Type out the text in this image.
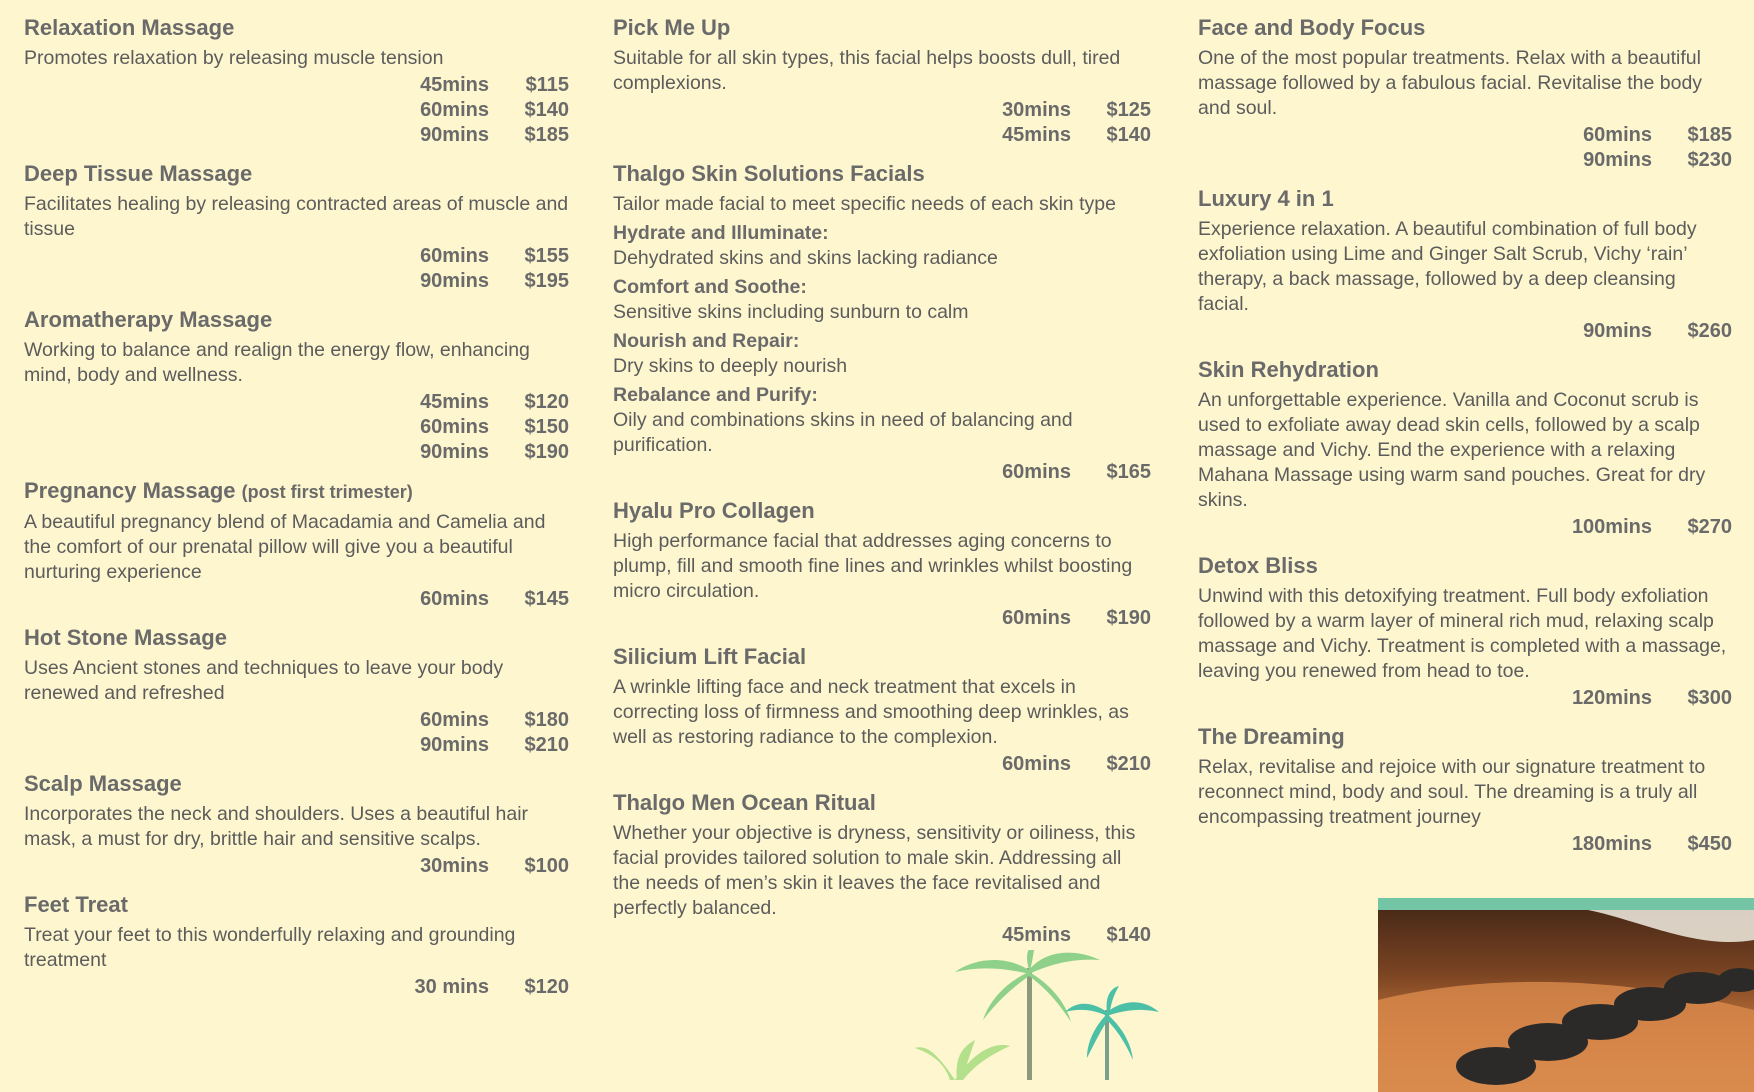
Relaxation Massage
Promotes relaxation by releasing muscle tension
45mins	$115
60mins	$140
90mins	$185
Deep Tissue Massage
Facilitates healing by releasing contracted areas of muscle and tissue
60mins	$155
90mins	$195
Aromatherapy Massage
Working to balance and realign the energy flow, enhancing mind, body and wellness.
45mins	$120
60mins	$150
90mins	$190
Pregnancy Massage (post first trimester)
A beautiful pregnancy blend of Macadamia and Camelia and the comfort of our prenatal pillow will give you a beautiful nurturing experience
60mins	$145
Hot Stone Massage
Uses Ancient stones and techniques to leave your body renewed and refreshed
60mins	$180
90mins	$210
Scalp Massage
Incorporates the neck and shoulders. Uses a beautiful hair mask, a must for dry, brittle hair and sensitive scalps.
30mins	$100
Feet Treat
Treat your feet to this wonderfully relaxing and grounding treatment
30 mins	$120
Pick Me Up
Suitable for all skin types, this facial helps boosts dull, tired complexions.
30mins	$125
45mins	$140
Thalgo Skin Solutions Facials
Tailor made facial to meet specific needs of each skin type
Hydrate and Illuminate:
Dehydrated skins and skins lacking radiance
Comfort and Soothe:
Sensitive skins including sunburn to calm
Nourish and Repair:
Dry skins to deeply nourish
Rebalance and Purify:
Oily and combinations skins in need of balancing and purification.
60mins	$165
Hyalu Pro Collagen
High performance facial that addresses aging concerns to plump, fill and smooth fine lines and wrinkles whilst boosting micro circulation.
60mins	$190
Silicium Lift Facial
A wrinkle lifting face and neck treatment that excels in correcting loss of firmness and smoothing deep wrinkles, as well as restoring radiance to the complexion.
60mins	$210
Thalgo Men Ocean Ritual
Whether your objective is dryness, sensitivity or oiliness, this facial provides tailored solution to male skin. Addressing all the needs of men’s skin it leaves the face revitalised and perfectly balanced.
45mins	$140
Face and Body Focus
One of the most popular treatments. Relax with a beautiful massage followed by a fabulous facial. Revitalise the body and soul.
60mins	$185
90mins	$230
Luxury 4 in 1
Experience relaxation. A beautiful combination of full body exfoliation using Lime and Ginger Salt Scrub, Vichy ‘rain’ therapy, a back massage, followed by a deep cleansing facial.
90mins	$260
Skin Rehydration
An unforgettable experience. Vanilla and Coconut scrub is used to exfoliate away dead skin cells, followed by a scalp massage and Vichy. End the experience with a relaxing Mahana Massage using warm sand pouches. Great for dry skins.
100mins	$270
Detox Bliss
Unwind with this detoxifying treatment. Full body exfoliation followed by a warm layer of mineral rich mud, relaxing scalp massage and Vichy. Treatment is completed with a massage, leaving you renewed from head to toe.
120mins	$300
The Dreaming
Relax, revitalise and rejoice with our signature treatment to reconnect mind, body and soul. The dreaming is a truly all encompassing treatment journey
180mins	$450
